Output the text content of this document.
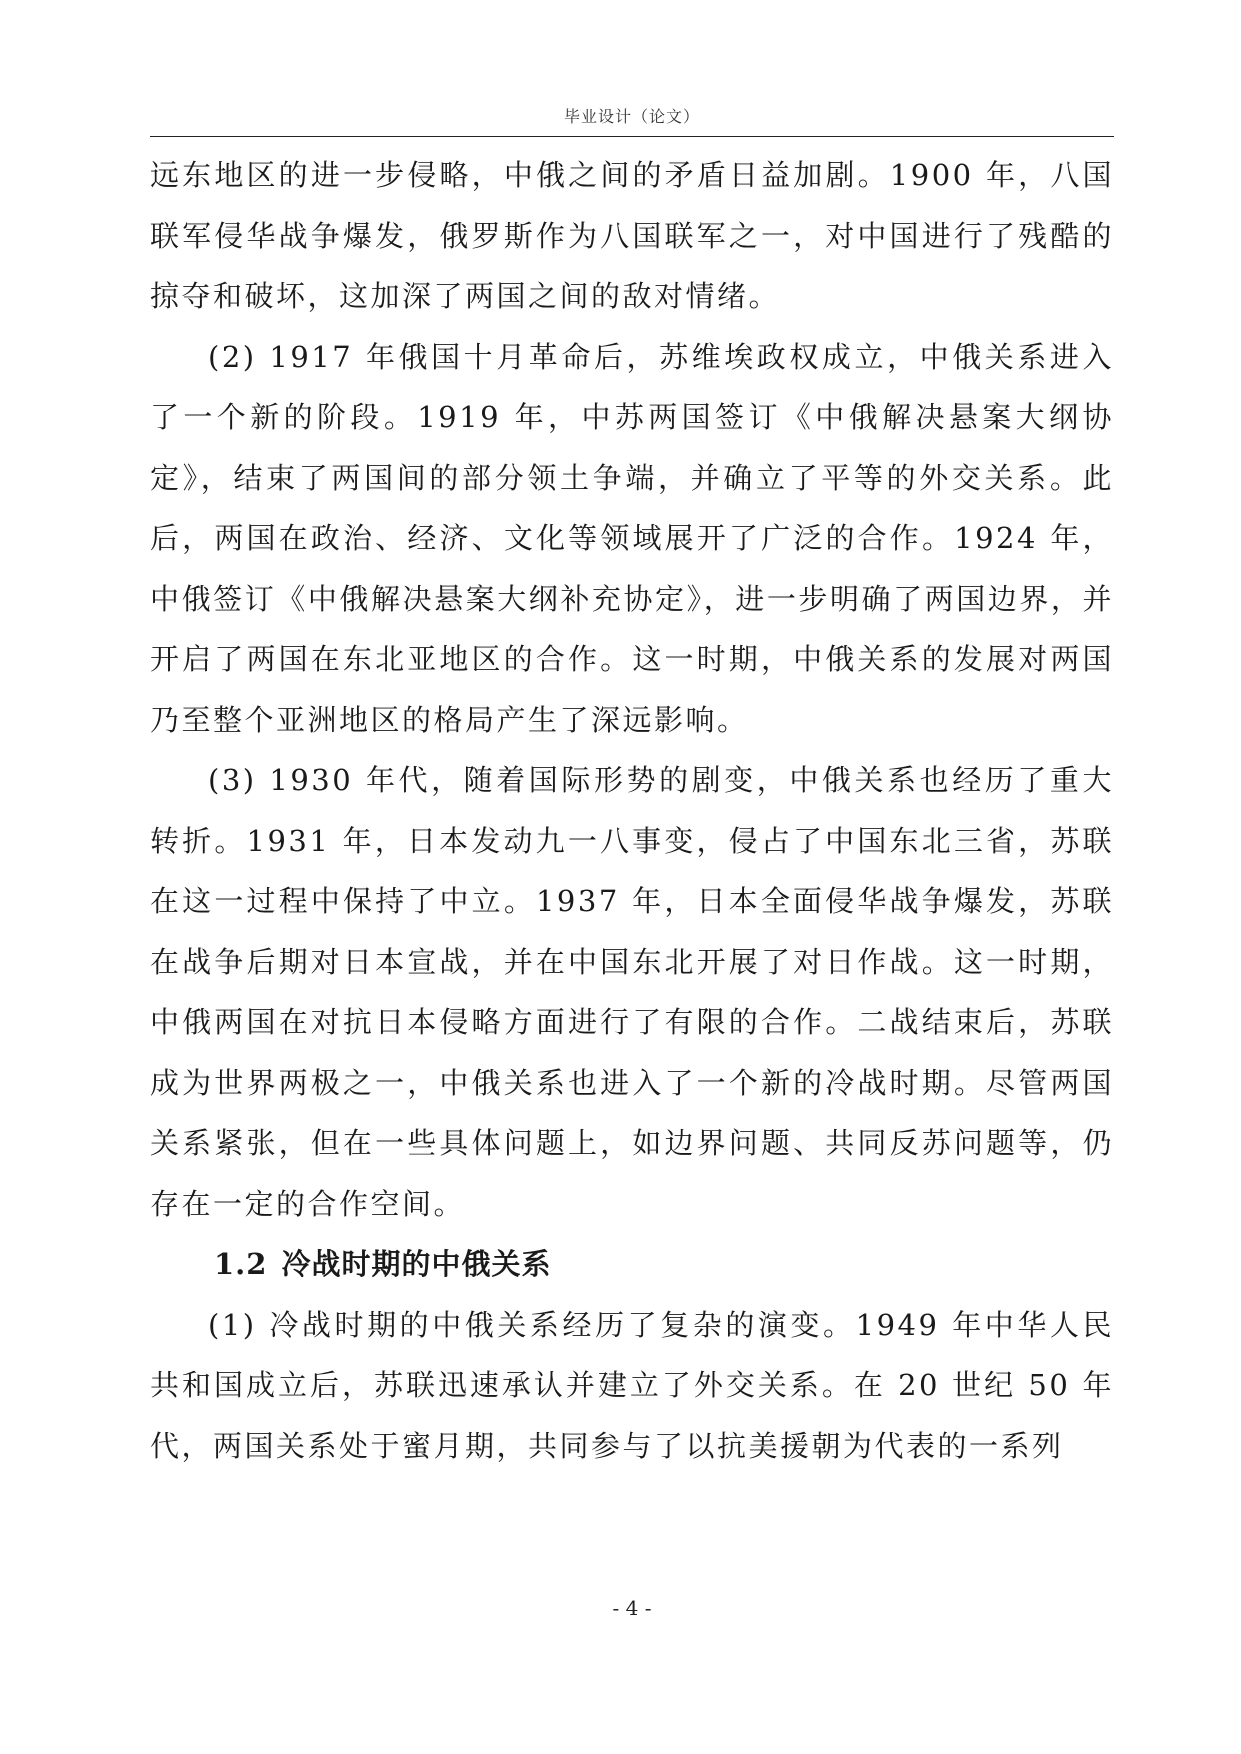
毕业设计（论文）

远东地区的进一步侵略，中俄之间的矛盾日益加剧。1900 年，八国联军侵华战争爆发，俄罗斯作为八国联军之一，对中国进行了残酷的掠夺和破坏，这加深了两国之间的敌对情绪。

(2) 1917 年俄国十月革命后，苏维埃政权成立，中俄关系进入了一个新的阶段。1919 年，中苏两国签订《中俄解决悬案大纲协定》，结束了两国间的部分领土争端，并确立了平等的外交关系。此后，两国在政治、经济、文化等领域展开了广泛的合作。1924 年，中俄签订《中俄解决悬案大纲补充协定》，进一步明确了两国边界，并开启了两国在东北亚地区的合作。这一时期，中俄关系的发展对两国乃至整个亚洲地区的格局产生了深远影响。

(3) 1930 年代，随着国际形势的剧变，中俄关系也经历了重大转折。1931 年，日本发动九一八事变，侵占了中国东北三省，苏联在这一过程中保持了中立。1937 年，日本全面侵华战争爆发，苏联在战争后期对日本宣战，并在中国东北开展了对日作战。这一时期，中俄两国在对抗日本侵略方面进行了有限的合作。二战结束后，苏联成为世界两极之一，中俄关系也进入了一个新的冷战时期。尽管两国关系紧张，但在一些具体问题上，如边界问题、共同反苏问题等，仍存在一定的合作空间。

1.2 冷战时期的中俄关系

(1) 冷战时期的中俄关系经历了复杂的演变。1949 年中华人民共和国成立后，苏联迅速承认并建立了外交关系。在 20 世纪 50 年代，两国关系处于蜜月期，共同参与了以抗美援朝为代表的一系列

- 4 -
